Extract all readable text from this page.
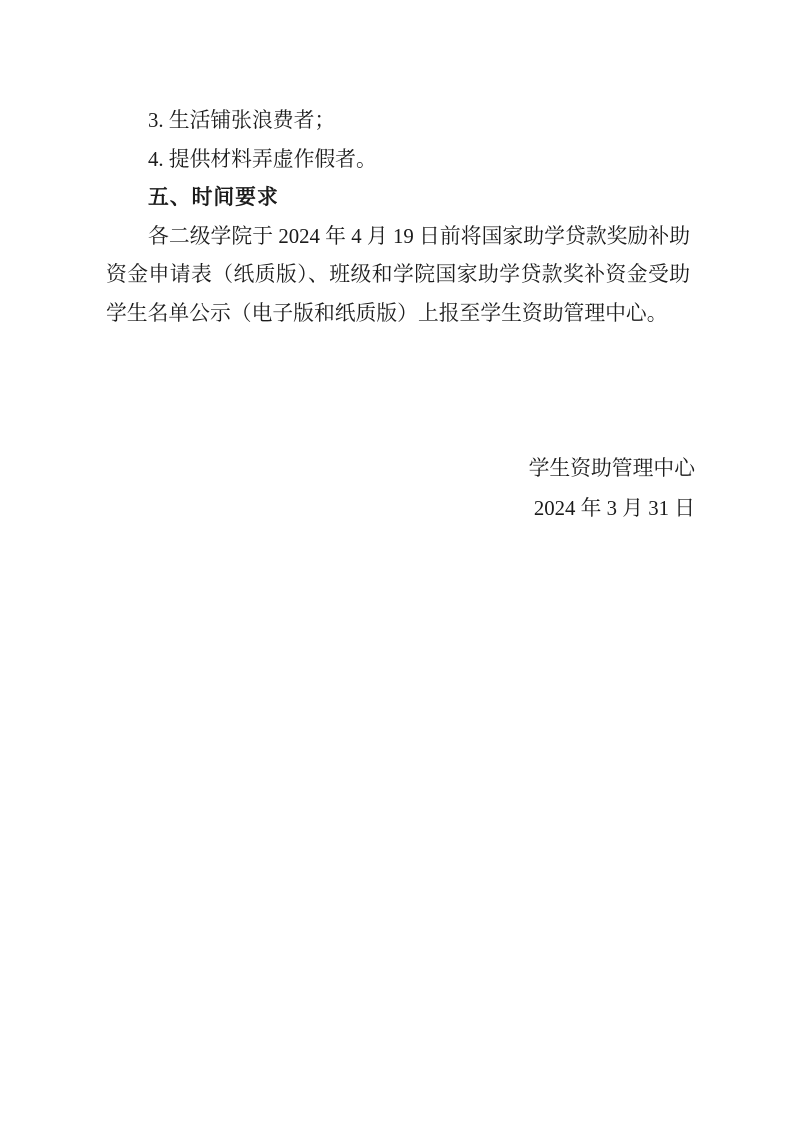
3. 生活铺张浪费者；
4. 提供材料弄虚作假者。
五、时间要求
各二级学院于 2024 年 4 月 19 日前将国家助学贷款奖励补助
资金申请表（纸质版）、班级和学院国家助学贷款奖补资金受助
学生名单公示（电子版和纸质版）上报至学生资助管理中心。
学生资助管理中心
2024 年 3 月 31 日
